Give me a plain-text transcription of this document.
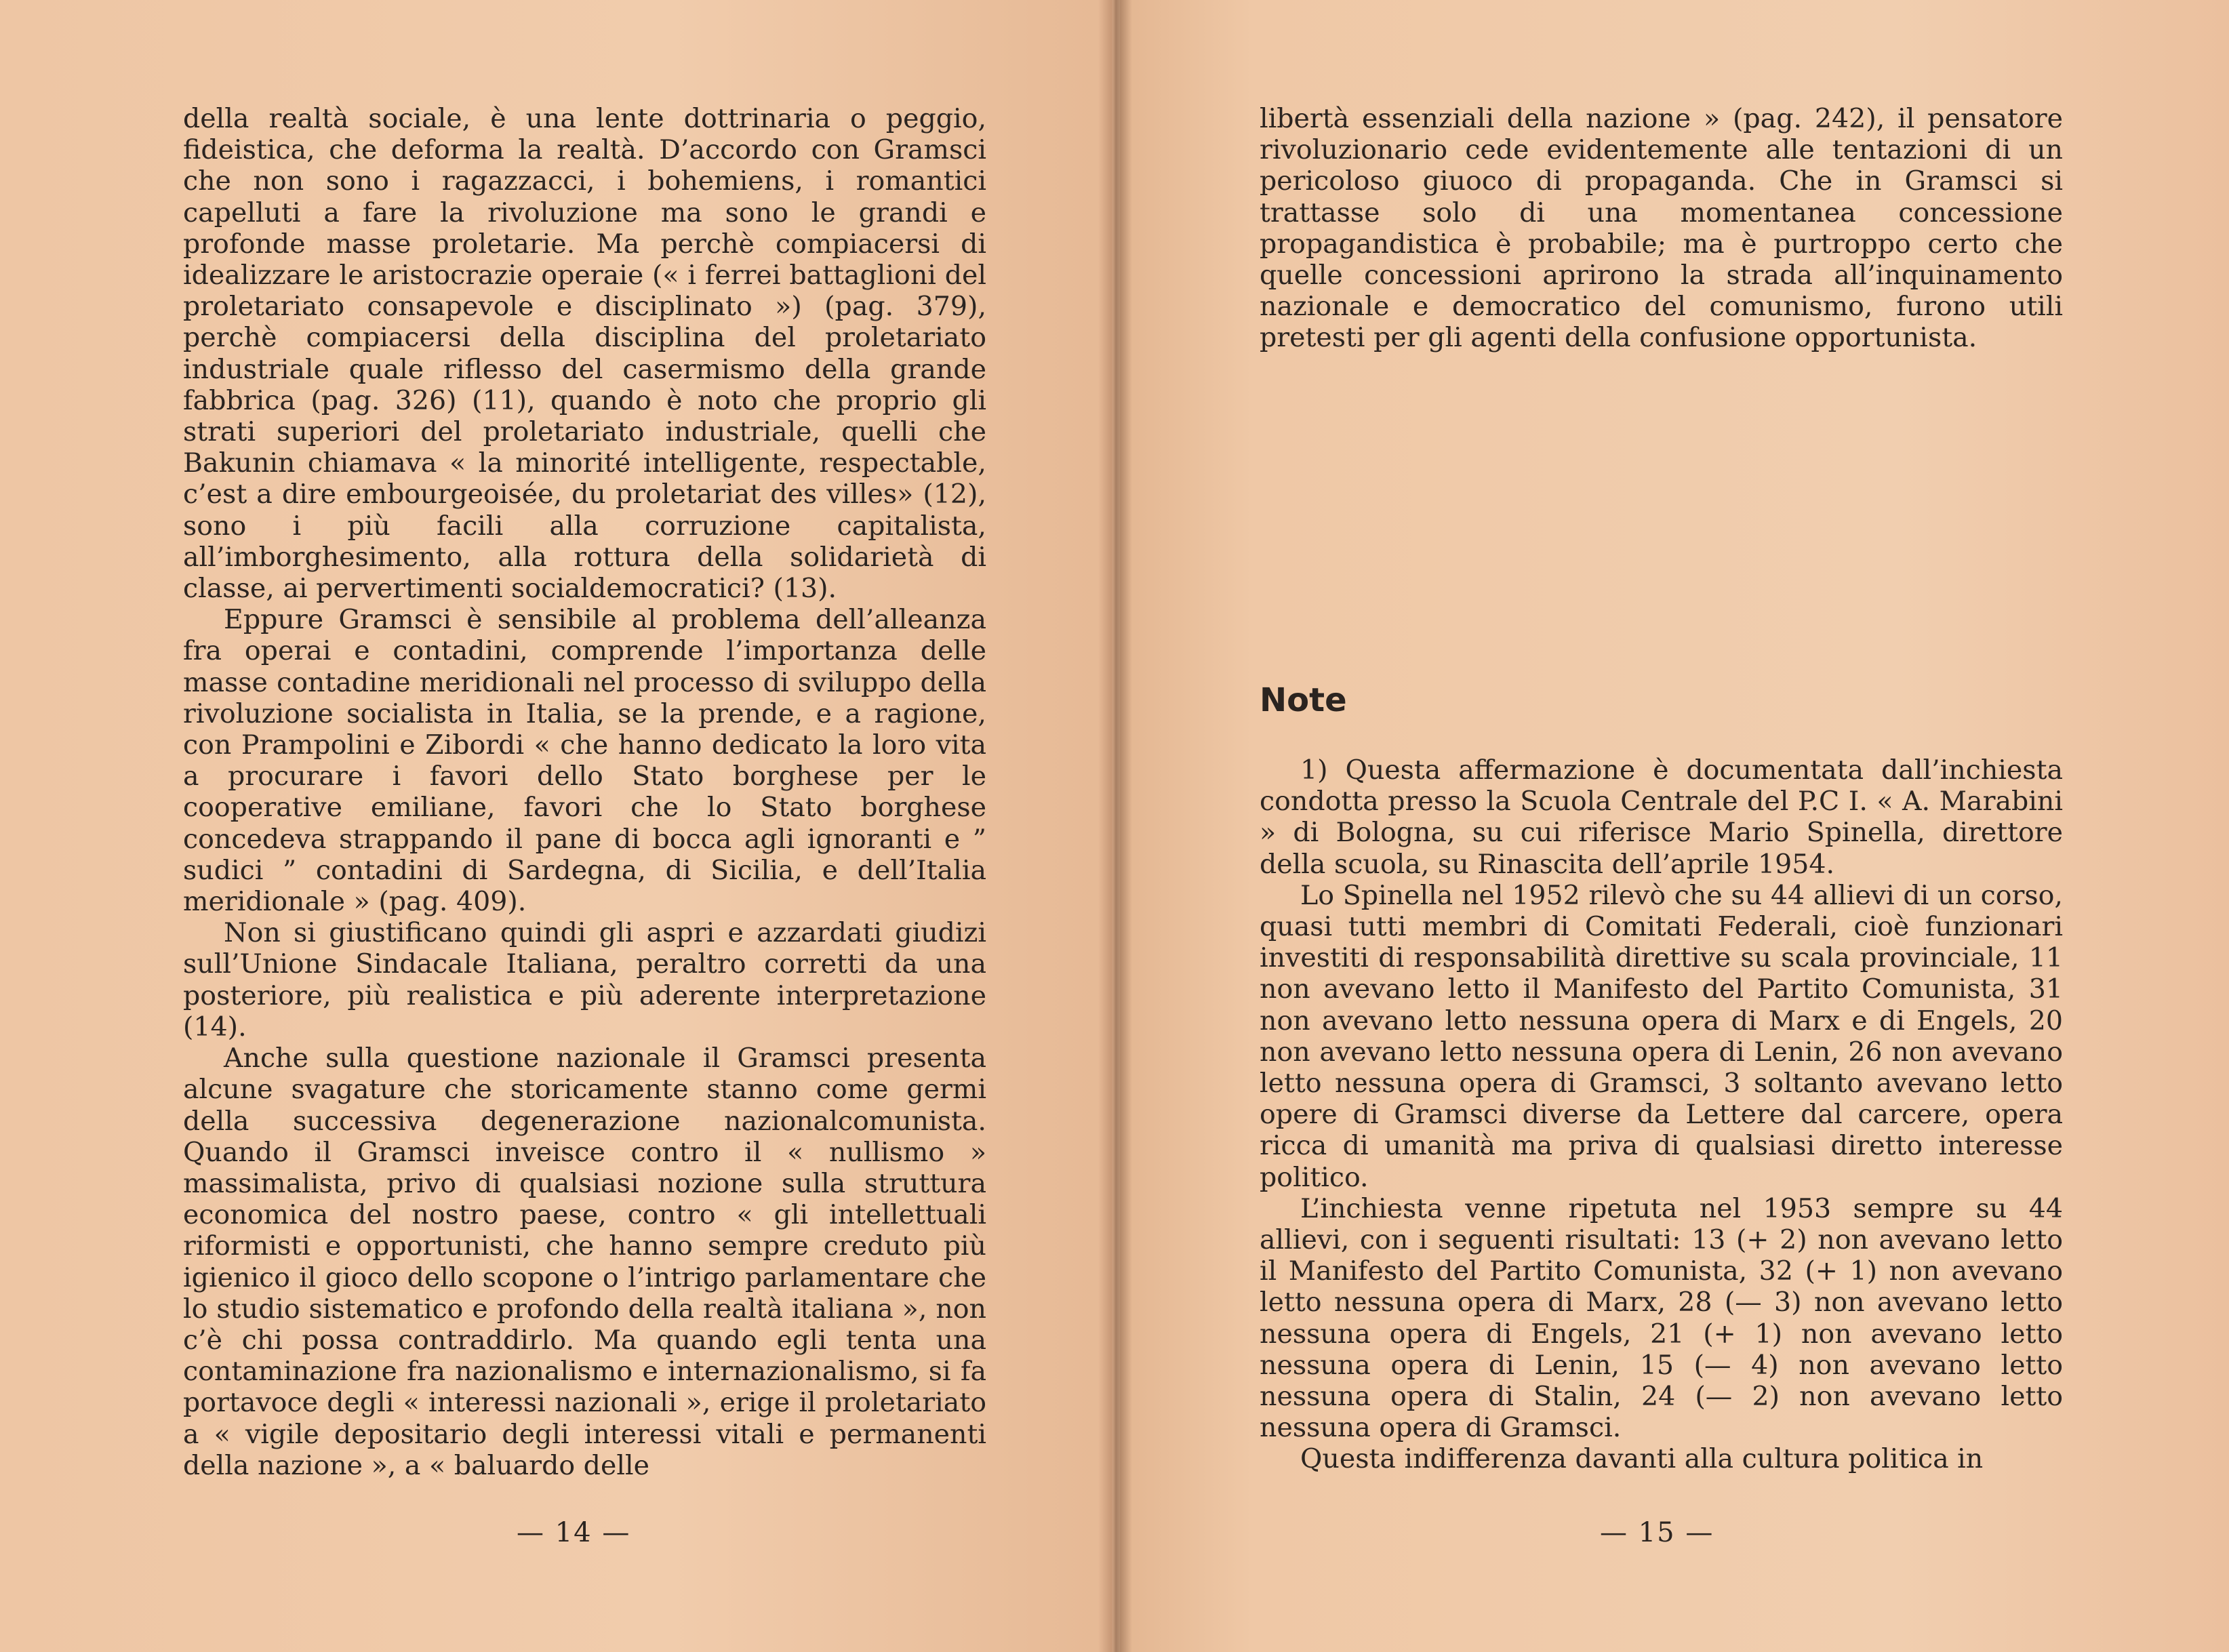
della realtà sociale, è una lente dottrinaria o peggio, fideistica, che deforma la realtà. D’accordo con Gramsci che non sono i ragazzacci, i bohemiens, i romantici capelluti a fare la rivoluzione ma sono le grandi e profonde masse proletarie. Ma perchè compiacersi di idealizzare le aristocrazie operaie (« i ferrei battaglioni del proletariato consapevole e disciplinato ») (pag. 379), perchè compiacersi della disciplina del proletariato industriale quale riflesso del casermismo della grande fabbrica (pag. 326) (11), quando è noto che proprio gli strati superiori del proletariato industriale, quelli che Bakunin chiamava « la minorité intelligente, respectable, c’est a dire embourgeoisée, du proletariat des villes» (12), sono i più facili alla corruzione capitalista, all’imborghesimento, alla rottura della solidarietà di classe, ai pervertimenti socialdemocratici? (13).

Eppure Gramsci è sensibile al problema dell’alleanza fra operai e contadini, comprende l’importanza delle masse contadine meridionali nel processo di sviluppo della rivoluzione socialista in Italia, se la prende, e a ragione, con Prampolini e Zibordi « che hanno dedicato la loro vita a procurare i favori dello Stato borghese per le cooperative emiliane, favori che lo Stato borghese concedeva strappando il pane di bocca agli ignoranti e ” sudici ” contadini di Sardegna, di Sicilia, e dell’Italia meridionale » (pag. 409).

Non si giustificano quindi gli aspri e azzardati giudizi sull’Unione Sindacale Italiana, peraltro corretti da una posteriore, più realistica e più aderente interpretazione (14).

Anche sulla questione nazionale il Gramsci presenta alcune svagature che storicamente stanno come germi della successiva degenerazione nazionalcomunista. Quando il Gramsci inveisce contro il « nullismo » massimalista, privo di qualsiasi nozione sulla struttura economica del nostro paese, contro « gli intellettuali riformisti e opportunisti, che hanno sempre creduto più igienico il gioco dello scopone o l’intrigo parlamentare che lo studio sistematico e profondo della realtà italiana », non c’è chi possa contraddirlo. Ma quando egli tenta una contaminazione fra nazionalismo e internazionalismo, si fa portavoce degli « interessi nazionali », erige il proletariato a « vigile depositario degli interessi vitali e permanenti della nazione », a « baluardo delle

— 14 —

libertà essenziali della nazione » (pag. 242), il pensatore rivoluzionario cede evidentemente alle tentazioni di un pericoloso giuoco di propaganda. Che in Gramsci si trattasse solo di una momentanea concessione propagandistica è probabile; ma è purtroppo certo che quelle concessioni aprirono la strada all’inquinamento nazionale e democratico del comunismo, furono utili pretesti per gli agenti della confusione opportunista.

Note

1) Questa affermazione è documentata dall’inchiesta condotta presso la Scuola Centrale del P.C I. « A. Marabini » di Bologna, su cui riferisce Mario Spinella, direttore della scuola, su Rinascita dell’aprile 1954.

Lo Spinella nel 1952 rilevò che su 44 allievi di un corso, quasi tutti membri di Comitati Federali, cioè funzionari investiti di responsabilità direttive su scala provinciale, 11 non avevano letto il Manifesto del Partito Comunista, 31 non avevano letto nessuna opera di Marx e di Engels, 20 non avevano letto nessuna opera di Lenin, 26 non avevano letto nessuna opera di Gramsci, 3 soltanto avevano letto opere di Gramsci diverse da Lettere dal carcere, opera ricca di umanità ma priva di qualsiasi diretto interesse politico.

L’inchiesta venne ripetuta nel 1953 sempre su 44 allievi, con i seguenti risultati: 13 (+ 2) non avevano letto il Manifesto del Partito Comunista, 32 (+ 1) non avevano letto nessuna opera di Marx, 28 (— 3) non avevano letto nessuna opera di Engels, 21 (+ 1) non avevano letto nessuna opera di Lenin, 15 (— 4) non avevano letto nessuna opera di Stalin, 24 (— 2) non avevano letto nessuna opera di Gramsci.

Questa indifferenza davanti alla cultura politica in

— 15 —
